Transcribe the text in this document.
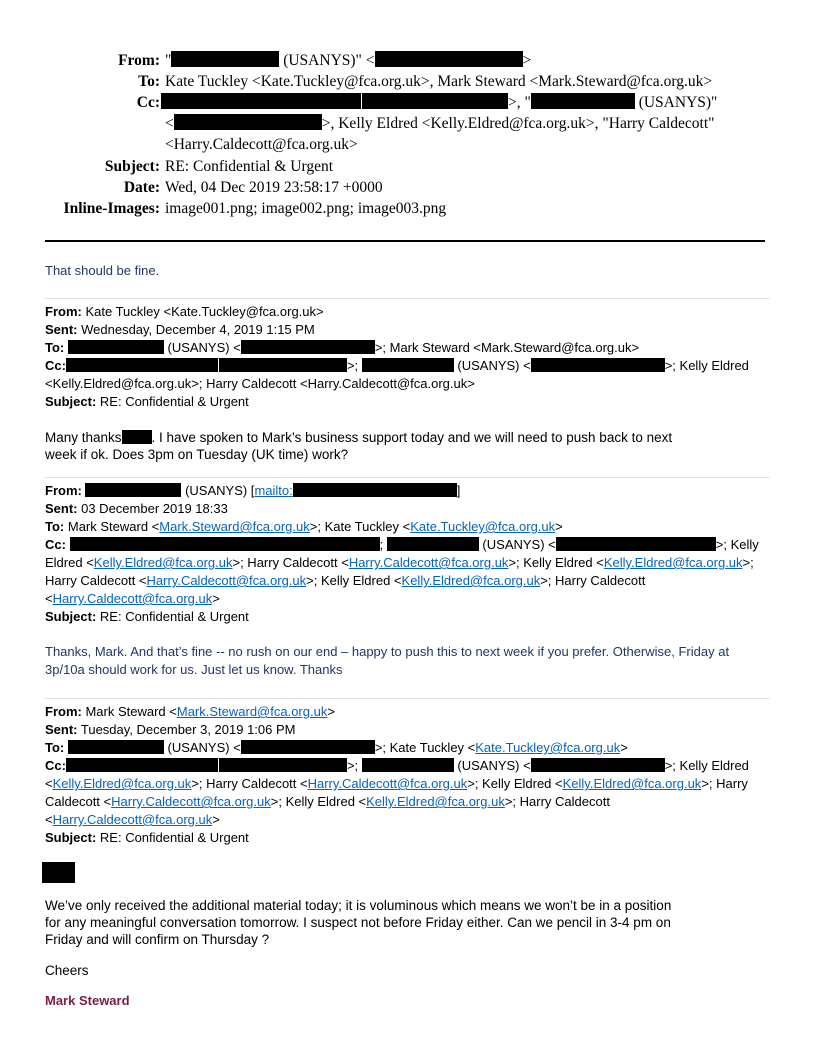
From: "	(USANYS)" <	>
To: Kate Tuckley <Kate.Tuckley@fca.org.uk>, Mark Steward <Mark.Steward@fca.org.uk>
Cc:	>, "	(USANYS)"
<	>, Kelly Eldred <Kelly.Eldred@fca.org.uk>, "Harry Caldecott"
<Harry.Caldecott@fca.org.uk>
Subject: RE: Confidential & Urgent
Date: Wed, 04 Dec 2019 23:58:17 +0000
Inline-Images: image001.png; image002.png; image003.png
That should be fine.
From: Kate Tuckley <Kate.Tuckley@fca.org.uk>
Sent: Wednesday, December 4, 2019 1:15 PM
To:	(USANYS) <	>; Mark Steward <Mark.Steward@fca.org.uk>
Cc:	>;	(USANYS) <	>; Kelly Eldred
<Kelly.Eldred@fca.org.uk>; Harry Caldecott <Harry.Caldecott@fca.org.uk>
Subject: RE: Confidential & Urgent
Many thanks . I have spoken to Mark’s business support today and we will need to push back to next
week if ok. Does 3pm on Tuesday (UK time) work?
From:	(USANYS) [mailto:	]
Sent: 03 December 2019 18:33
To: Mark Steward <Mark.Steward@fca.org.uk>; Kate Tuckley <Kate.Tuckley@fca.org.uk>
Cc:	;	(USANYS) <	>; Kelly
Eldred <Kelly.Eldred@fca.org.uk>; Harry Caldecott <Harry.Caldecott@fca.org.uk>; Kelly Eldred <Kelly.Eldred@fca.org.uk>;
Harry Caldecott <Harry.Caldecott@fca.org.uk>; Kelly Eldred <Kelly.Eldred@fca.org.uk>; Harry Caldecott
<Harry.Caldecott@fca.org.uk>
Subject: RE: Confidential & Urgent
Thanks, Mark. And that’s fine -- no rush on our end – happy to push this to next week if you prefer. Otherwise, Friday at
3p/10a should work for us. Just let us know. Thanks
From: Mark Steward <Mark.Steward@fca.org.uk>
Sent: Tuesday, December 3, 2019 1:06 PM
To:	(USANYS) <	>; Kate Tuckley <Kate.Tuckley@fca.org.uk>
Cc:	>;	(USANYS) <	>; Kelly Eldred
<Kelly.Eldred@fca.org.uk>; Harry Caldecott <Harry.Caldecott@fca.org.uk>; Kelly Eldred <Kelly.Eldred@fca.org.uk>; Harry
Caldecott <Harry.Caldecott@fca.org.uk>; Kelly Eldred <Kelly.Eldred@fca.org.uk>; Harry Caldecott
<Harry.Caldecott@fca.org.uk>
Subject: RE: Confidential & Urgent
We’ve only received the additional material today; it is voluminous which means we won’t be in a position
for any meaningful conversation tomorrow. I suspect not before Friday either. Can we pencil in 3-4 pm on
Friday and will confirm on Thursday ?
Cheers
Mark Steward
